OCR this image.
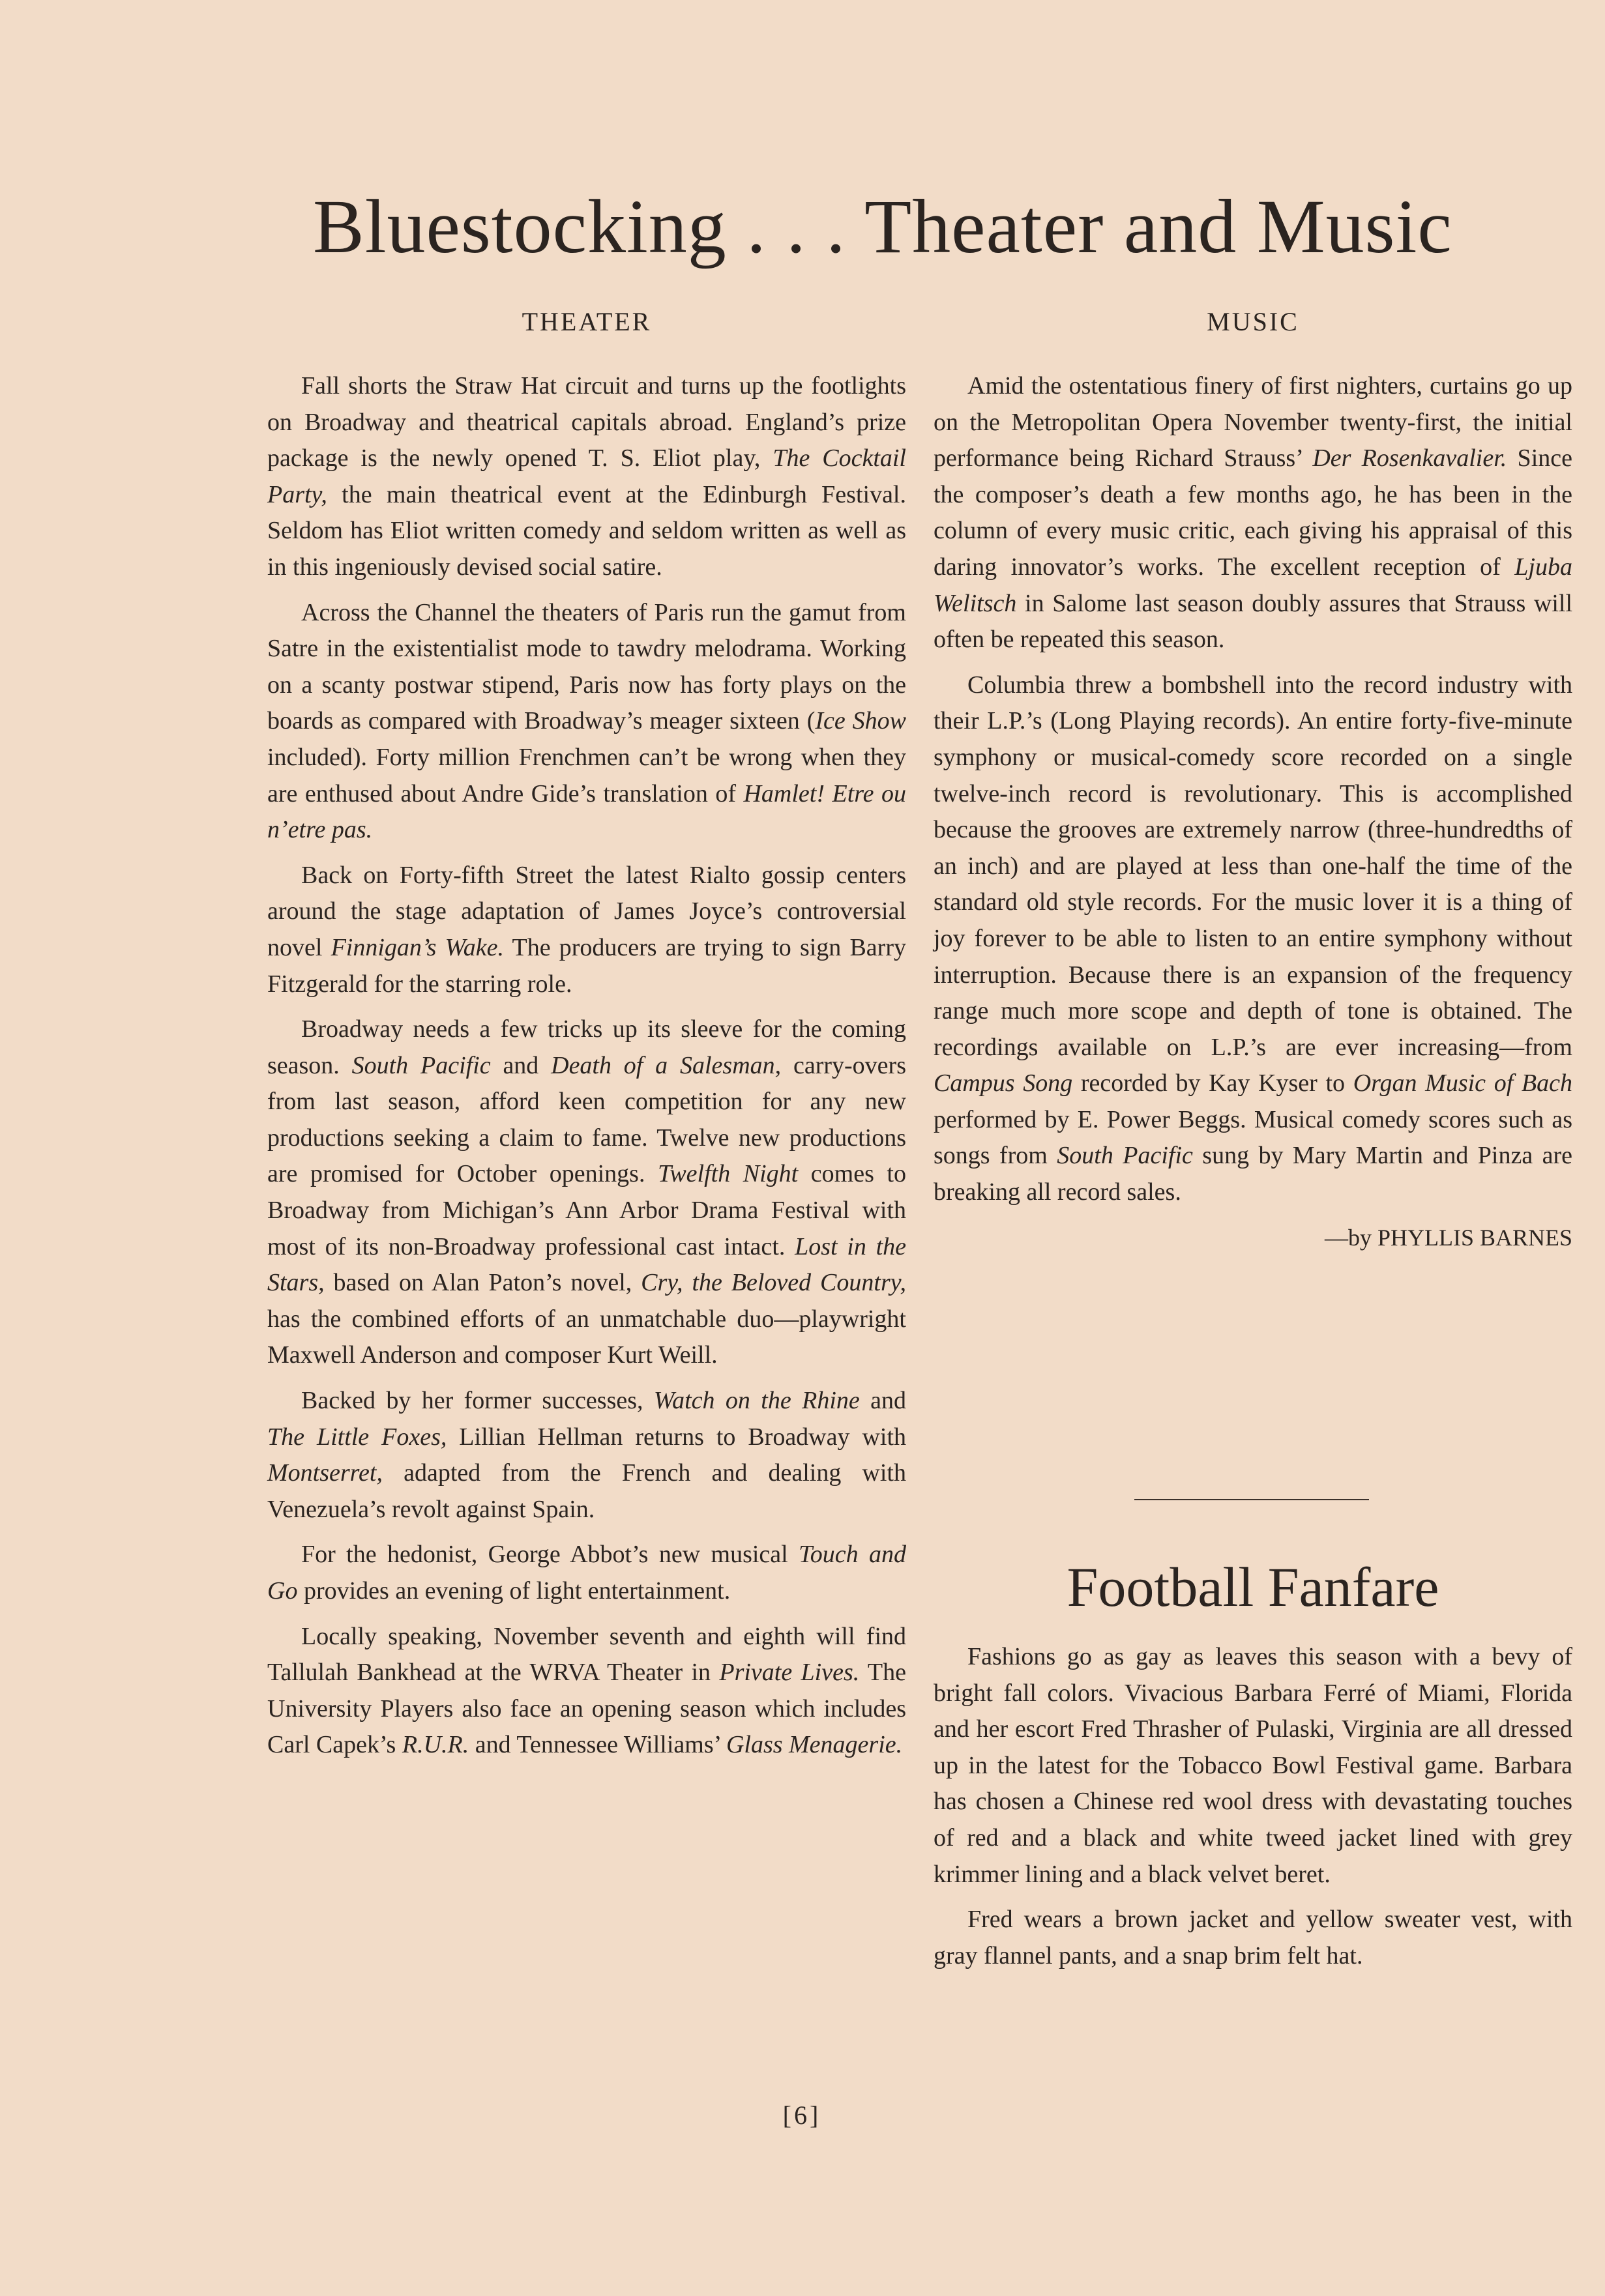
Bluestocking . . . Theater and Music
THEATER

Fall shorts the Straw Hat circuit and turns up the footlights on Broadway and theatrical capitals abroad. England’s prize package is the newly opened T. S. Eliot play, The Cocktail Party, the main theatrical event at the Edinburgh Festival. Seldom has Eliot written comedy and seldom written as well as in this ingeniously devised social satire.

Across the Channel the theaters of Paris run the gamut from Satre in the existentialist mode to tawdry melodrama. Working on a scanty postwar stipend, Paris now has forty plays on the boards as compared with Broadway’s meager sixteen (Ice Show included). Forty million Frenchmen can’t be wrong when they are enthused about Andre Gide’s translation of Hamlet! Etre ou n’etre pas.

Back on Forty-fifth Street the latest Rialto gossip centers around the stage adaptation of James Joyce’s controversial novel Finnigan’s Wake. The producers are trying to sign Barry Fitzgerald for the starring role.

Broadway needs a few tricks up its sleeve for the coming season. South Pacific and Death of a Salesman, carry-overs from last season, afford keen competition for any new productions seeking a claim to fame. Twelve new productions are promised for October openings. Twelfth Night comes to Broadway from Michigan’s Ann Arbor Drama Festival with most of its non-Broadway professional cast intact. Lost in the Stars, based on Alan Paton’s novel, Cry, the Beloved Country, has the combined efforts of an unmatchable duo—playwright Maxwell Anderson and composer Kurt Weill.

Backed by her former successes, Watch on the Rhine and The Little Foxes, Lillian Hellman returns to Broadway with Montserret, adapted from the French and dealing with Venezuela’s revolt against Spain.

For the hedonist, George Abbot’s new musical Touch and Go provides an evening of light entertainment.

Locally speaking, November seventh and eighth will find Tallulah Bankhead at the WRVA Theater in Private Lives. The University Players also face an opening season which includes Carl Capek’s R.U.R. and Tennessee Williams’ Glass Menagerie.

MUSIC

Amid the ostentatious finery of first nighters, curtains go up on the Metropolitan Opera November twenty-first, the initial performance being Richard Strauss’ Der Rosenkavalier. Since the composer’s death a few months ago, he has been in the column of every music critic, each giving his appraisal of this daring innovator’s works. The excellent reception of Ljuba Welitsch in Salome last season doubly assures that Strauss will often be repeated this season.

Columbia threw a bombshell into the record industry with their L.P.’s (Long Playing records). An entire forty-five-minute symphony or musical-comedy score recorded on a single twelve-inch record is revolutionary. This is accomplished because the grooves are extremely narrow (three-hundredths of an inch) and are played at less than one-half the time of the standard old style records. For the music lover it is a thing of joy forever to be able to listen to an entire symphony without interruption. Because there is an expansion of the frequency range much more scope and depth of tone is obtained. The recordings available on L.P.’s are ever increasing—from Campus Song recorded by Kay Kyser to Organ Music of Bach performed by E. Power Beggs. Musical comedy scores such as songs from South Pacific sung by Mary Martin and Pinza are breaking all record sales.

—by PHYLLIS BARNES

Football Fanfare

Fashions go as gay as leaves this season with a bevy of bright fall colors. Vivacious Barbara Ferré of Miami, Florida and her escort Fred Thrasher of Pulaski, Virginia are all dressed up in the latest for the Tobacco Bowl Festival game. Barbara has chosen a Chinese red wool dress with devastating touches of red and a black and white tweed jacket lined with grey krimmer lining and a black velvet beret.

Fred wears a brown jacket and yellow sweater vest, with gray flannel pants, and a snap brim felt hat.

[6]
